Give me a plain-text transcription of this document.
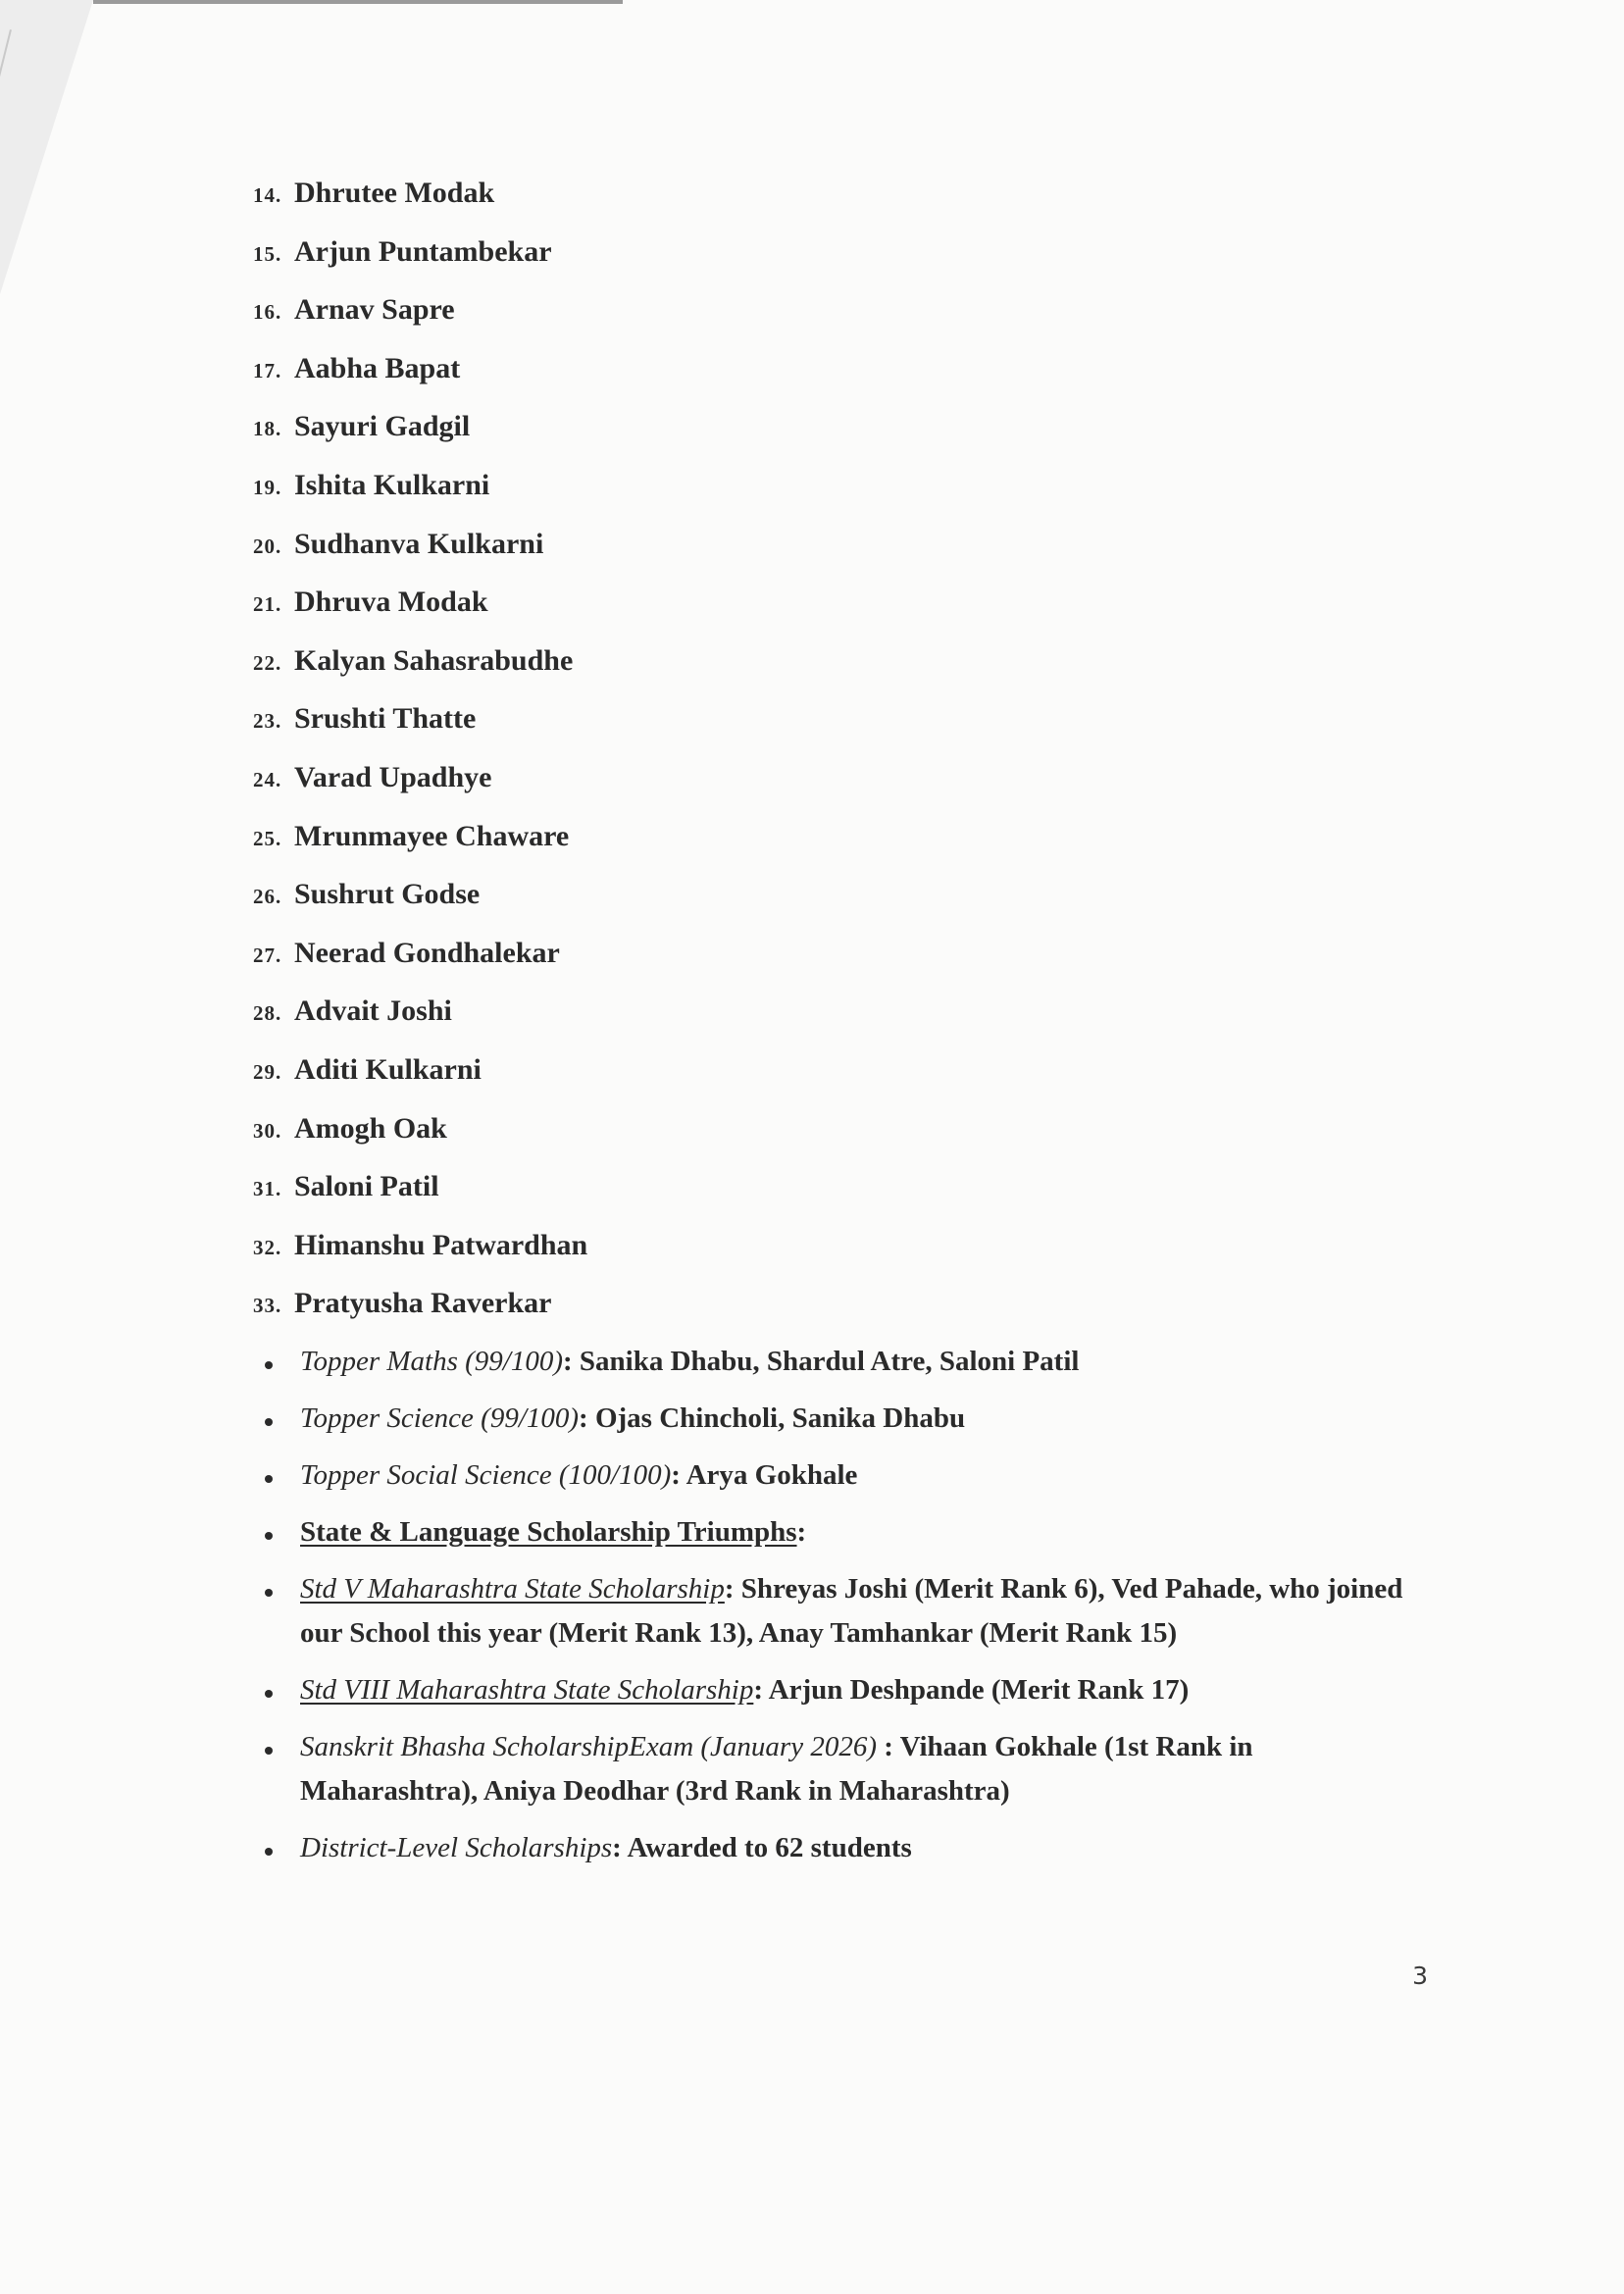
14. Dhrutee Modak
15. Arjun Puntambekar
16. Arnav Sapre
17. Aabha Bapat
18. Sayuri Gadgil
19. Ishita Kulkarni
20. Sudhanva Kulkarni
21. Dhruva Modak
22. Kalyan Sahasrabudhe
23. Srushti Thatte
24. Varad Upadhye
25. Mrunmayee Chaware
26. Sushrut Godse
27. Neerad Gondhalekar
28. Advait Joshi
29. Aditi Kulkarni
30. Amogh Oak
31. Saloni Patil
32. Himanshu Patwardhan
33. Pratyusha Raverkar
Topper Maths (99/100): Sanika Dhabu, Shardul Atre, Saloni Patil
Topper Science (99/100): Ojas Chincholi, Sanika Dhabu
Topper Social Science (100/100): Arya Gokhale
State & Language Scholarship Triumphs:
Std V Maharashtra State Scholarship: Shreyas Joshi (Merit Rank 6), Ved Pahade, who joined our School this year (Merit Rank 13), Anay Tamhankar (Merit Rank 15)
Std VIII Maharashtra State Scholarship: Arjun Deshpande (Merit Rank 17)
Sanskrit Bhasha ScholarshipExam (January 2026) : Vihaan Gokhale (1st Rank in Maharashtra), Aniya Deodhar (3rd Rank in Maharashtra)
District-Level Scholarships: Awarded to 62 students
3
